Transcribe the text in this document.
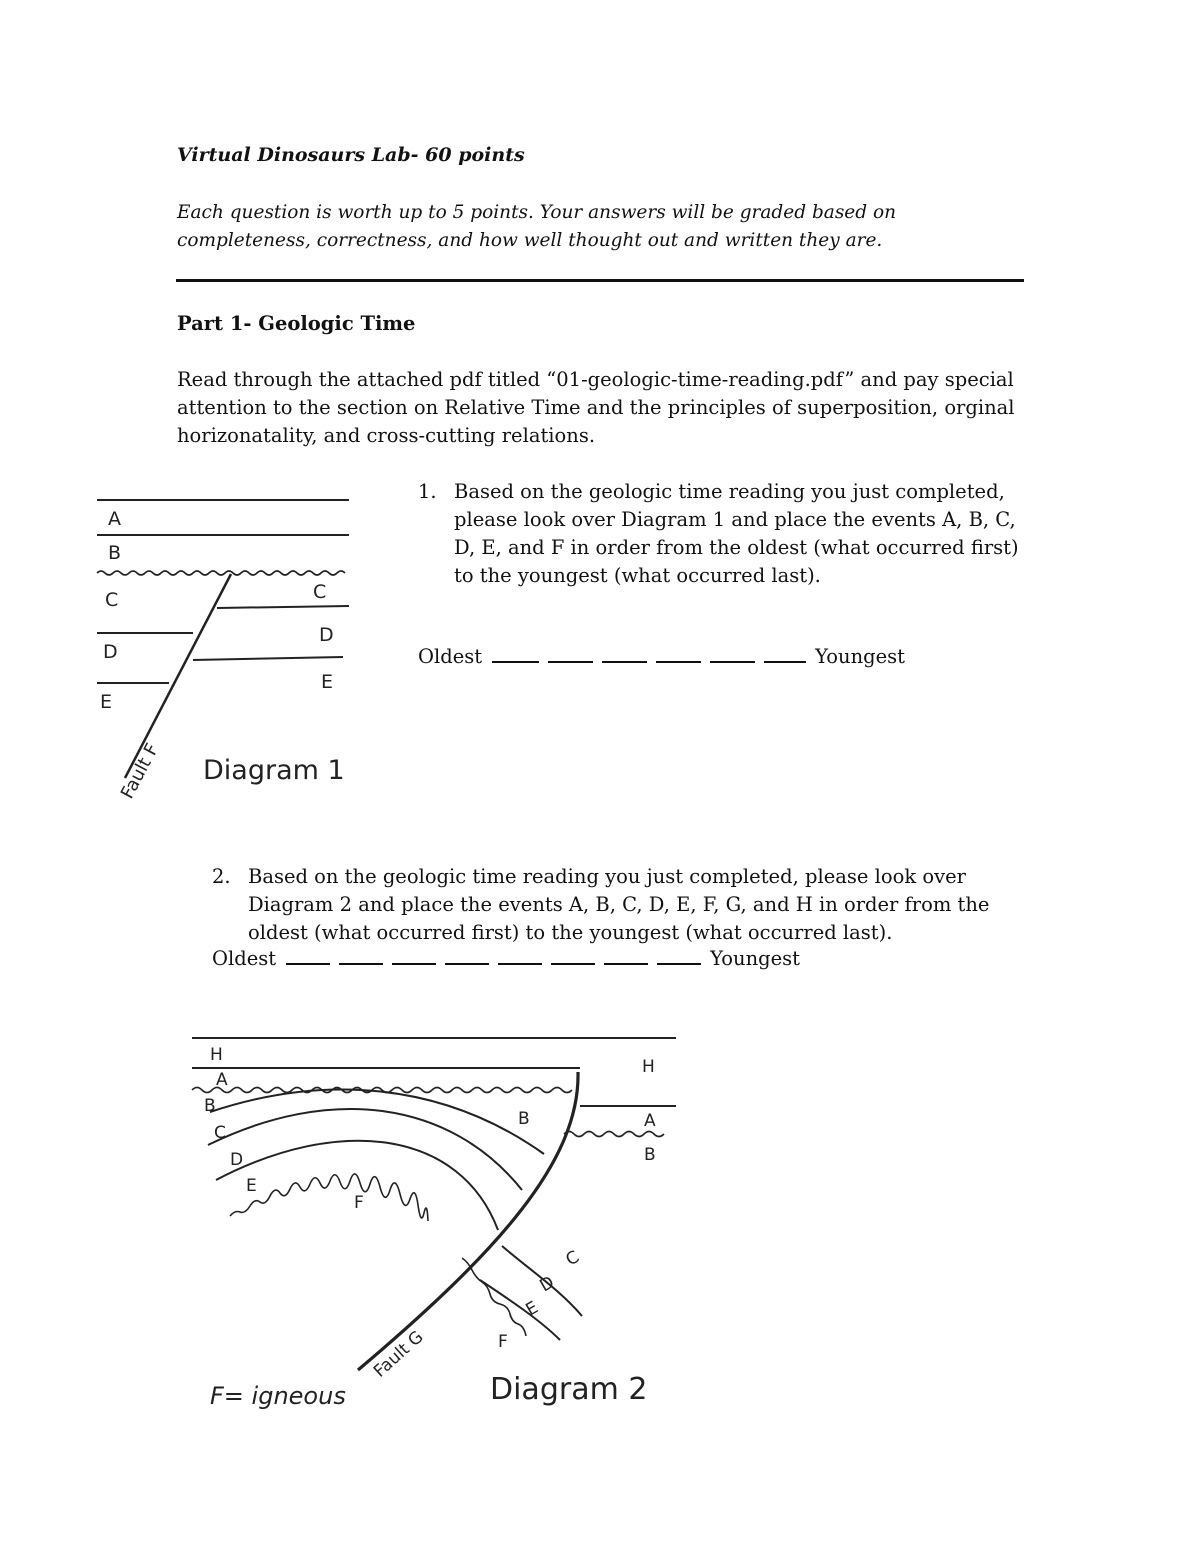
Virtual Dinosaurs Lab- 60 points
Each question is worth up to 5 points. Your answers will be graded based on
completeness, correctness, and how well thought out and written they are.
Part 1- Geologic Time
Read through the attached pdf titled “01-geologic-time-reading.pdf” and pay special
attention to the section on Relative Time and the principles of superposition, orginal
horizonatality, and cross-cutting relations.
A
B
C
D
E
C
D
E
Fault F Diagram 1
1. Based on the geologic time reading you just completed,
please look over Diagram 1 and place the events A, B, C,
D, E, and F in order from the oldest (what occurred first)
to the youngest (what occurred last).
Oldest	Youngest
2. Based on the geologic time reading you just completed, please look over
Diagram 2 and place the events A, B, C, D, E, F, G, and H in order from the
oldest (what occurred first) to the youngest (what occurred last).
Oldest	Youngest
H
A
B
C
D
E
F
B
H
A
B
C
D
E
F
Fault G
F= igneous	Diagram 2
